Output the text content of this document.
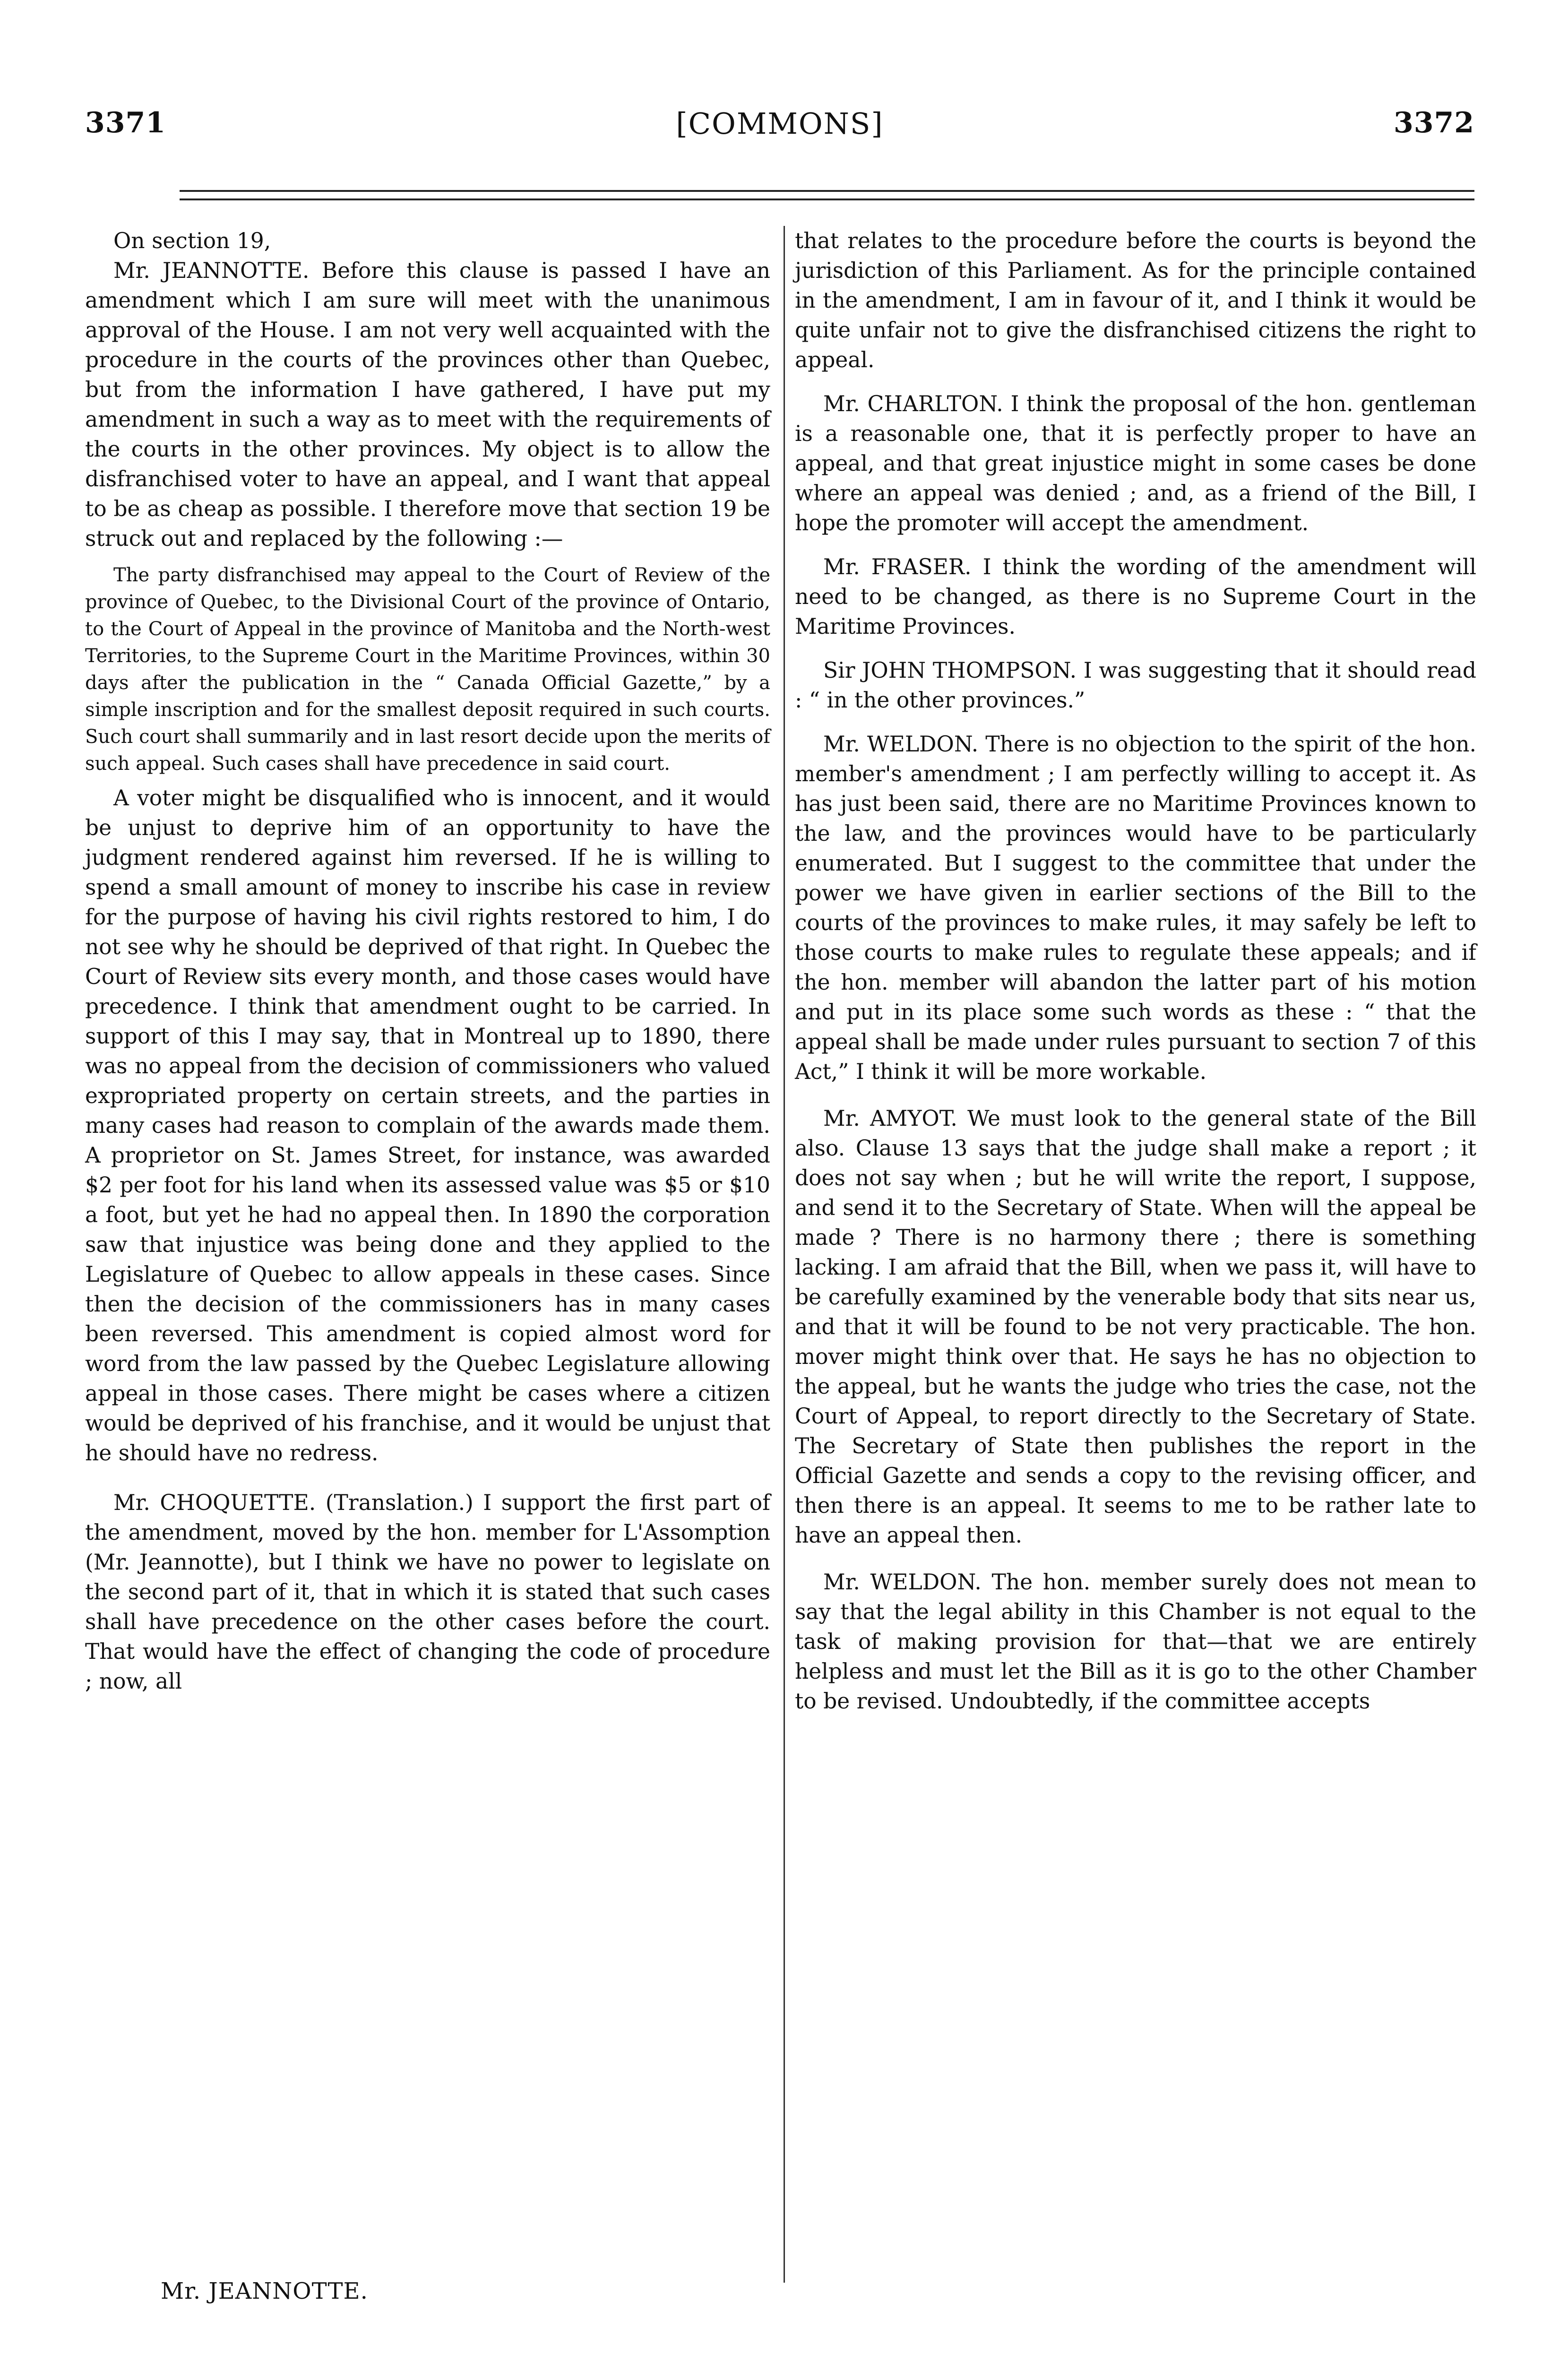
3371	[COMMONS]	3372

On section 19,

Mr. JEANNOTTE. Before this clause is passed I have an amendment which I am sure will meet with the unanimous approval of the House. I am not very well acquainted with the procedure in the courts of the provinces other than Quebec, but from the information I have gathered, I have put my amendment in such a way as to meet with the requirements of the courts in the other provinces. My object is to allow the disfranchised voter to have an appeal, and I want that appeal to be as cheap as possible. I therefore move that section 19 be struck out and replaced by the following :—

The party disfranchised may appeal to the Court of Review of the province of Quebec, to the Divisional Court of the province of Ontario, to the Court of Appeal in the province of Manitoba and the North-west Territories, to the Supreme Court in the Maritime Provinces, within 30 days after the publication in the “ Canada Official Gazette,” by a simple inscription and for the smallest deposit required in such courts. Such court shall summarily and in last resort decide upon the merits of such appeal. Such cases shall have precedence in said court.

A voter might be disqualified who is innocent, and it would be unjust to deprive him of an opportunity to have the judgment rendered against him reversed. If he is willing to spend a small amount of money to inscribe his case in review for the purpose of having his civil rights restored to him, I do not see why he should be deprived of that right. In Quebec the Court of Review sits every month, and those cases would have precedence. I think that amendment ought to be carried. In support of this I may say, that in Montreal up to 1890, there was no appeal from the decision of commissioners who valued expropriated property on certain streets, and the parties in many cases had reason to complain of the awards made them. A proprietor on St. James Street, for instance, was awarded $2 per foot for his land when its assessed value was $5 or $10 a foot, but yet he had no appeal then. In 1890 the corporation saw that injustice was being done and they applied to the Legislature of Quebec to allow appeals in these cases. Since then the decision of the commissioners has in many cases been reversed. This amendment is copied almost word for word from the law passed by the Quebec Legislature allowing appeal in those cases. There might be cases where a citizen would be deprived of his franchise, and it would be unjust that he should have no redress.

Mr. CHOQUETTE. (Translation.) I support the first part of the amendment, moved by the hon. member for L'Assomption (Mr. Jeannotte), but I think we have no power to legislate on the second part of it, that in which it is stated that such cases shall have precedence on the other cases before the court. That would have the effect of changing the code of procedure ; now, all

that relates to the procedure before the courts is beyond the jurisdiction of this Parliament. As for the principle contained in the amendment, I am in favour of it, and I think it would be quite unfair not to give the disfranchised citizens the right to appeal.

Mr. CHARLTON. I think the proposal of the hon. gentleman is a reasonable one, that it is perfectly proper to have an appeal, and that great injustice might in some cases be done where an appeal was denied ; and, as a friend of the Bill, I hope the promoter will accept the amendment.

Mr. FRASER. I think the wording of the amendment will need to be changed, as there is no Supreme Court in the Maritime Provinces.

Sir JOHN THOMPSON. I was suggesting that it should read : “ in the other provinces.”

Mr. WELDON. There is no objection to the spirit of the hon. member's amendment ; I am perfectly willing to accept it. As has just been said, there are no Maritime Provinces known to the law, and the provinces would have to be particularly enumerated. But I suggest to the committee that under the power we have given in earlier sections of the Bill to the courts of the provinces to make rules, it may safely be left to those courts to make rules to regulate these appeals; and if the hon. member will abandon the latter part of his motion and put in its place some such words as these : “ that the appeal shall be made under rules pursuant to section 7 of this Act,” I think it will be more workable.

Mr. AMYOT. We must look to the general state of the Bill also. Clause 13 says that the judge shall make a report ; it does not say when ; but he will write the report, I suppose, and send it to the Secretary of State. When will the appeal be made ? There is no harmony there ; there is something lacking. I am afraid that the Bill, when we pass it, will have to be carefully examined by the venerable body that sits near us, and that it will be found to be not very practicable. The hon. mover might think over that. He says he has no objection to the appeal, but he wants the judge who tries the case, not the Court of Appeal, to report directly to the Secretary of State. The Secretary of State then publishes the report in the Official Gazette and sends a copy to the revising officer, and then there is an appeal. It seems to me to be rather late to have an appeal then.

Mr. WELDON. The hon. member surely does not mean to say that the legal ability in this Chamber is not equal to the task of making provision for that—that we are entirely helpless and must let the Bill as it is go to the other Chamber to be revised. Undoubtedly, if the committee accepts

Mr. JEANNOTTE.
